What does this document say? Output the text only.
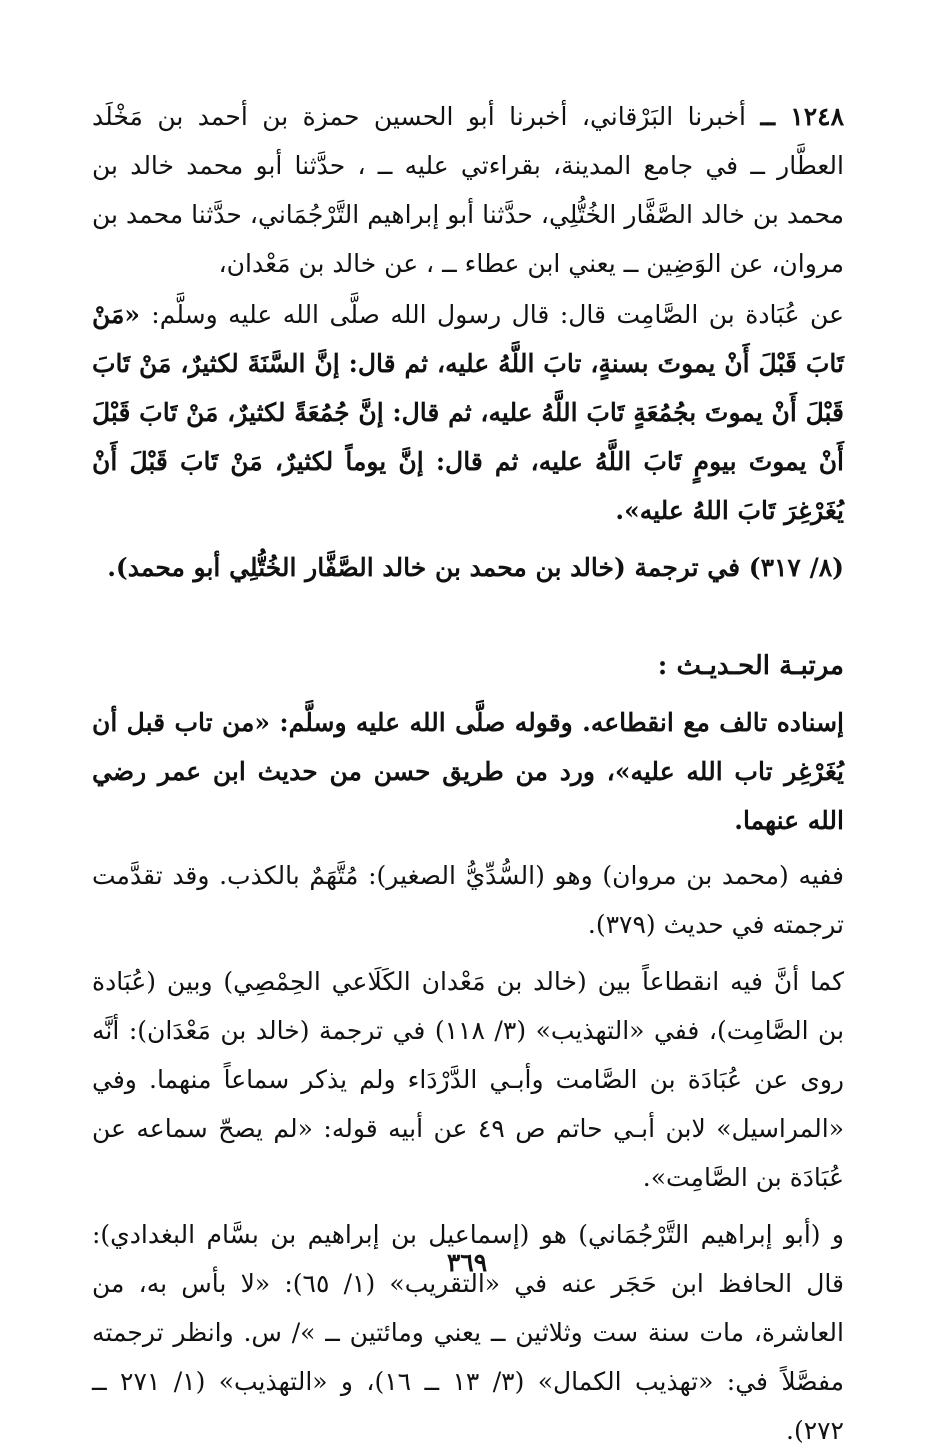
١٢٤٨ ــ أخبرنا البَرْقاني، أخبرنا أبو الحسين حمزة بن أحمد بن مَخْلَد العطَّار ــ في جامع المدينة، بقراءتي عليه ــ ، حدَّثنا أبو محمد خالد بن محمد بن خالد الصَّفَّار الخُتُّلِي، حدَّثنا أبو إبراهيم التَّرْجُمَاني، حدَّثنا محمد بن مروان، عن الوَضِين ــ يعني ابن عطاء ــ ، عن خالد بن مَعْدان،

عن عُبَادة بن الصَّامِت قال: قال رسول الله صلَّى الله عليه وسلَّم: «مَنْ تَابَ قَبْلَ أَنْ يموتَ بسنةٍ، تابَ اللَّهُ عليه، ثم قال: إنَّ السَّنَةَ لكثيرٌ، مَنْ تَابَ قَبْلَ أَنْ يموتَ بجُمُعَةٍ تَابَ اللَّهُ عليه، ثم قال: إنَّ جُمُعَةً لكثيرٌ، مَنْ تَابَ قَبْلَ أَنْ يموتَ بيومٍ تَابَ اللَّهُ عليه، ثم قال: إنَّ يوماً لكثيرٌ، مَنْ تَابَ قَبْلَ أَنْ يُغَرْغِرَ تَابَ اللهُ عليه».

(٨/ ٣١٧) في ترجمة (خالد بن محمد بن خالد الصَّفَّار الخُتُّلِي أبو محمد).

مرتبـة الحـديـث :

إسناده تالف مع انقطاعه. وقوله صلَّى الله عليه وسلَّم: «من تاب قبل أن يُغَرْغِر تاب الله عليه»، ورد من طريق حسن من حديث ابن عمر رضي الله عنهما.

ففيه (محمد بن مروان) وهو (السُّدِّيُّ الصغير): مُتَّهَمٌ بالكذب. وقد تقدَّمت ترجمته في حديث (٣٧٩).

كما أنَّ فيه انقطاعاً بين (خالد بن مَعْدان الكَلَاعي الحِمْصِي) وبين (عُبَادة بن الصَّامِت)، ففي «التهذيب» (٣/ ١١٨) في ترجمة (خالد بن مَعْدَان): أنَّه روى عن عُبَادَة بن الصَّامت وأبـي الدَّرْدَاء ولم يذكر سماعاً منهما. وفي «المراسيل» لابن أبـي حاتم ص ٤٩ عن أبيه قوله: «لم يصحّ سماعه عن عُبَادَة بن الصَّامِت».

و (أبو إبراهيم التَّرْجُمَاني) هو (إسماعيل بن إبراهيم بن بسَّام البغدادي): قال الحافظ ابن حَجَر عنه في «التقريب» (١/ ٦٥): «لا بأس به، من العاشرة، مات سنة ست وثلاثين ــ يعني ومائتين ــ »/ س. وانظر ترجمته مفصَّلاً في: «تهذيب الكمال» (٣/ ١٣ ــ ١٦)، و «التهذيب» (١/ ٢٧١ ــ ٢٧٢).

٣٦٩
